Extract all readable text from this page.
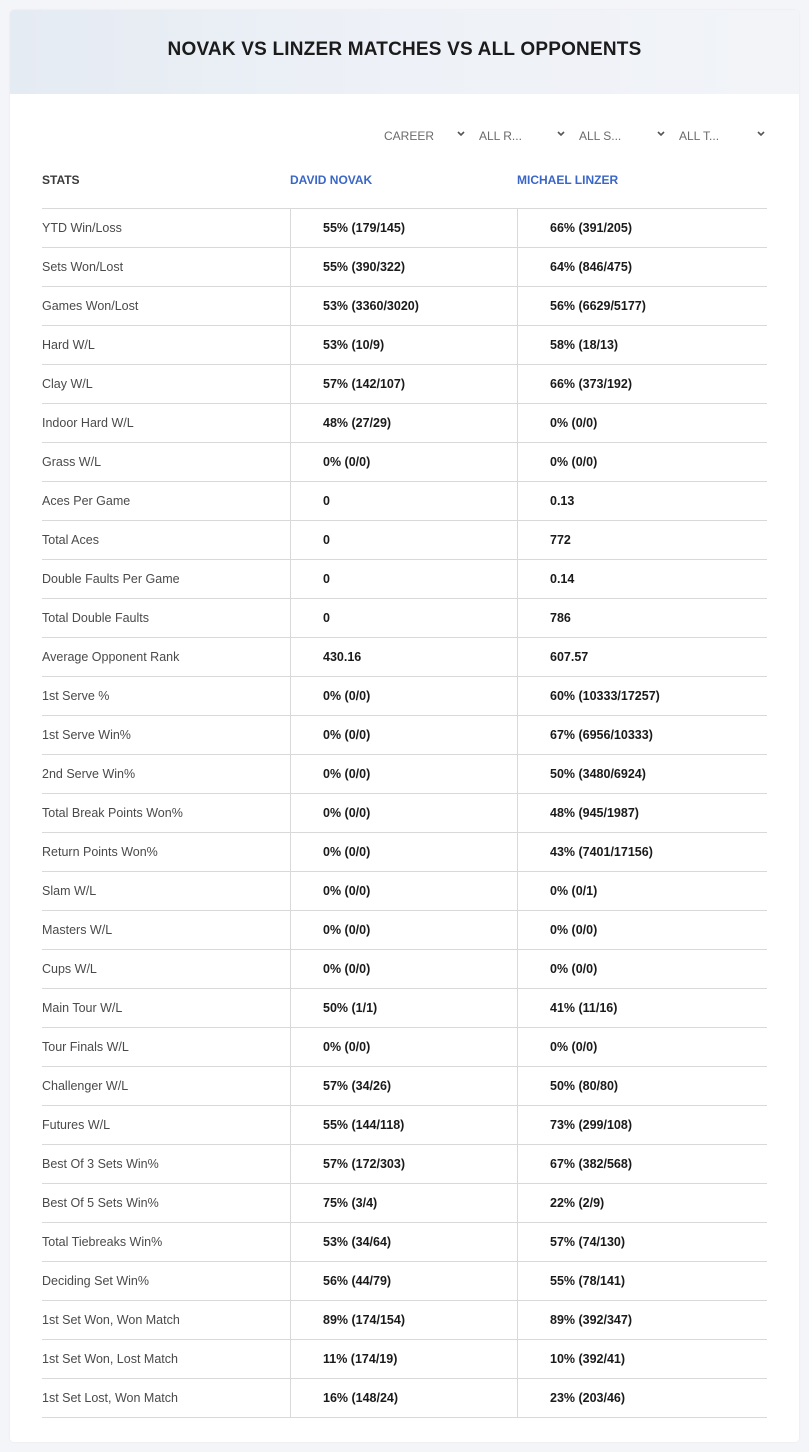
NOVAK VS LINZER MATCHES VS ALL OPPONENTS
CAREER	ALL R...	ALL S...	ALL T...
STATS	DAVID NOVAK	MICHAEL LINZER
YTD Win/Loss	55% (179/145)	66% (391/205)
Sets Won/Lost	55% (390/322)	64% (846/475)
Games Won/Lost	53% (3360/3020)	56% (6629/5177)
Hard W/L	53% (10/9)	58% (18/13)
Clay W/L	57% (142/107)	66% (373/192)
Indoor Hard W/L	48% (27/29)	0% (0/0)
Grass W/L	0% (0/0)	0% (0/0)
Aces Per Game	0	0.13
Total Aces	0	772
Double Faults Per Game	0	0.14
Total Double Faults	0	786
Average Opponent Rank	430.16	607.57
1st Serve %	0% (0/0)	60% (10333/17257)
1st Serve Win%	0% (0/0)	67% (6956/10333)
2nd Serve Win%	0% (0/0)	50% (3480/6924)
Total Break Points Won%	0% (0/0)	48% (945/1987)
Return Points Won%	0% (0/0)	43% (7401/17156)
Slam W/L	0% (0/0)	0% (0/1)
Masters W/L	0% (0/0)	0% (0/0)
Cups W/L	0% (0/0)	0% (0/0)
Main Tour W/L	50% (1/1)	41% (11/16)
Tour Finals W/L	0% (0/0)	0% (0/0)
Challenger W/L	57% (34/26)	50% (80/80)
Futures W/L	55% (144/118)	73% (299/108)
Best Of 3 Sets Win%	57% (172/303)	67% (382/568)
Best Of 5 Sets Win%	75% (3/4)	22% (2/9)
Total Tiebreaks Win%	53% (34/64)	57% (74/130)
Deciding Set Win%	56% (44/79)	55% (78/141)
1st Set Won, Won Match	89% (174/154)	89% (392/347)
1st Set Won, Lost Match	11% (174/19)	10% (392/41)
1st Set Lost, Won Match	16% (148/24)	23% (203/46)
